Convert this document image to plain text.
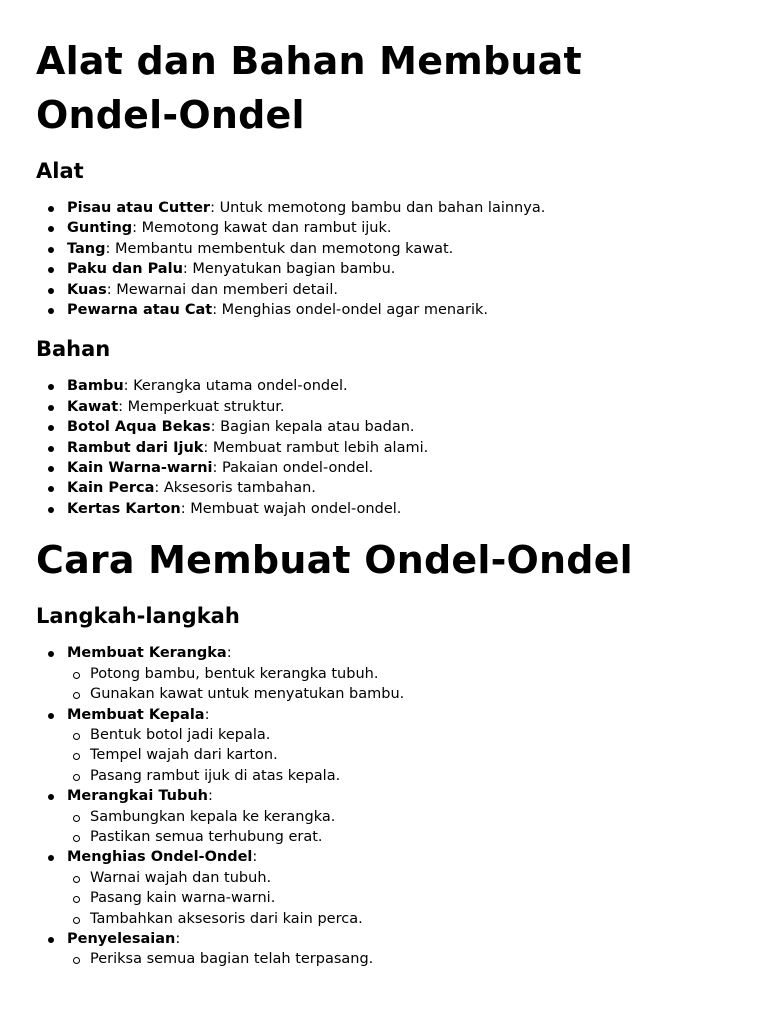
Alat dan Bahan Membuat Ondel-Ondel
Alat
Pisau atau Cutter: Untuk memotong bambu dan bahan lainnya.
Gunting: Memotong kawat dan rambut ijuk.
Tang: Membantu membentuk dan memotong kawat.
Paku dan Palu: Menyatukan bagian bambu.
Kuas: Mewarnai dan memberi detail.
Pewarna atau Cat: Menghias ondel-ondel agar menarik.
Bahan
Bambu: Kerangka utama ondel-ondel.
Kawat: Memperkuat struktur.
Botol Aqua Bekas: Bagian kepala atau badan.
Rambut dari Ijuk: Membuat rambut lebih alami.
Kain Warna-warni: Pakaian ondel-ondel.
Kain Perca: Aksesoris tambahan.
Kertas Karton: Membuat wajah ondel-ondel.
Cara Membuat Ondel-Ondel
Langkah-langkah
Membuat Kerangka:
Potong bambu, bentuk kerangka tubuh.
Gunakan kawat untuk menyatukan bambu.
Membuat Kepala:
Bentuk botol jadi kepala.
Tempel wajah dari karton.
Pasang rambut ijuk di atas kepala.
Merangkai Tubuh:
Sambungkan kepala ke kerangka.
Pastikan semua terhubung erat.
Menghias Ondel-Ondel:
Warnai wajah dan tubuh.
Pasang kain warna-warni.
Tambahkan aksesoris dari kain perca.
Penyelesaian:
Periksa semua bagian telah terpasang.
